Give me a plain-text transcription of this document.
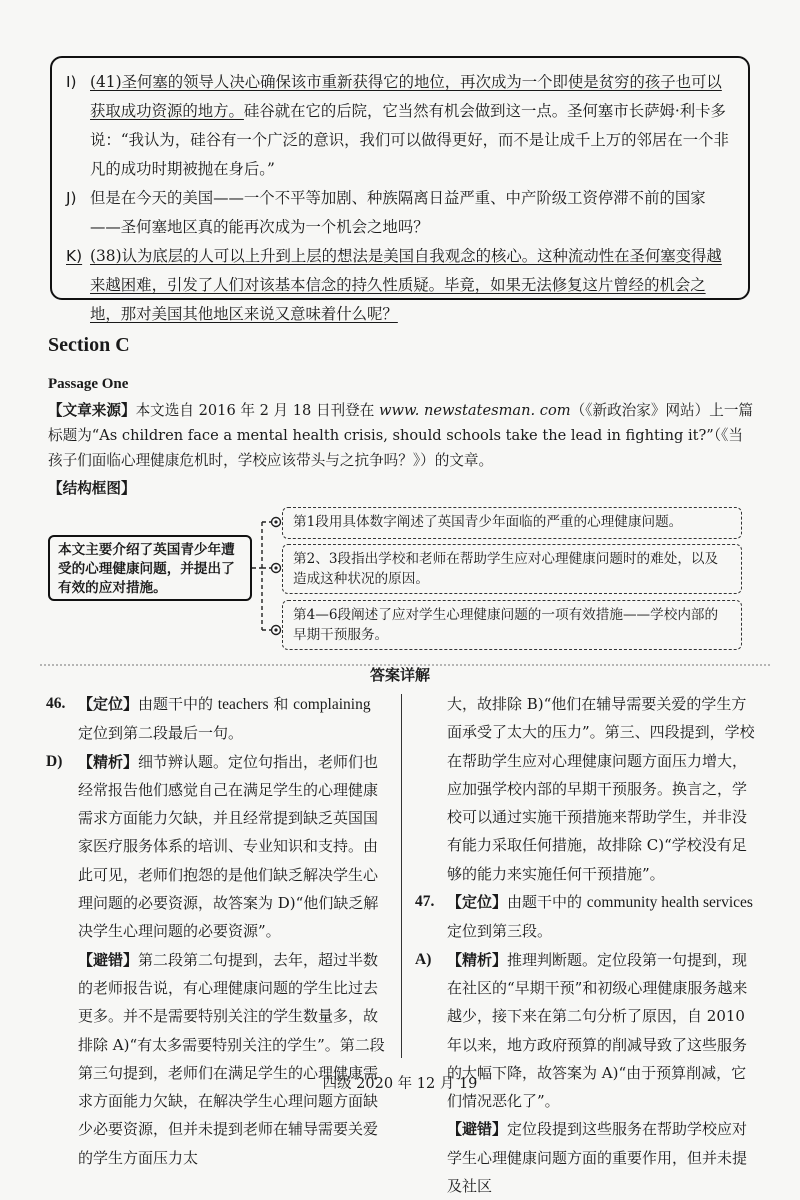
I) (41)圣何塞的领导人决心确保该市重新获得它的地位，再次成为一个即使是贫穷的孩子也可以获取成功资源的地方。硅谷就在它的后院，它当然有机会做到这一点。圣何塞市长萨姆·利卡多说：“我认为，硅谷有一个广泛的意识，我们可以做得更好，而不是让成千上万的邻居在一个非凡的成功时期被抛在身后。”
J) 但是在今天的美国——一个不平等加剧、种族隔离日益严重、中产阶级工资停滞不前的国家——圣何塞地区真的能再次成为一个机会之地吗？
K) (38)认为底层的人可以上升到上层的想法是美国自我观念的核心。这种流动性在圣何塞变得越来越困难，引发了人们对该基本信念的持久性质疑。毕竟，如果无法修复这片曾经的机会之地，那对美国其他地区来说又意味着什么呢？
Section C
Passage One
【文章来源】本文选自 2016 年 2 月 18 日刊登在 www. newstatesman. com（《新政治家》网站）上一篇标题为“As children face a mental health crisis, should schools take the lead in fighting it?”（《当孩子们面临心理健康危机时，学校应该带头与之抗争吗？》）的文章。
【结构框图】
本文主要介绍了英国青少年遭受的心理健康问题，并提出了有效的应对措施。
第1段用具体数字阐述了英国青少年面临的严重的心理健康问题。
第2、3段指出学校和老师在帮助学生应对心理健康问题时的难处，以及造成这种状况的原因。
第4—6段阐述了应对学生心理健康问题的一项有效措施——学校内部的早期干预服务。
答案详解
46. 【定位】由题干中的 teachers 和 complaining 定位到第二段最后一句。
D)	【精析】细节辨认题。定位句指出，老师们也经常报告他们感觉自己在满足学生的心理健康需求方面能力欠缺，并且经常提到缺乏英国国家医疗服务体系的培训、专业知识和支持。由此可见，老师们抱怨的是他们缺乏解决学生心理问题的必要资源，故答案为 D)“他们缺乏解决学生心理问题的必要资源”。
【避错】第二段第二句提到，去年，超过半数的老师报告说，有心理健康问题的学生比过去更多。并不是需要特别关注的学生数量多，故排除 A)“有太多需要特别关注的学生”。第二段第三句提到，老师们在满足学生的心理健康需求方面能力欠缺，在解决学生心理问题方面缺少必要资源，但并未提到老师在辅导需要关爱的学生方面压力太
大，故排除 B)“他们在辅导需要关爱的学生方面承受了太大的压力”。第三、四段提到，学校在帮助学生应对心理健康问题方面压力增大，应加强学校内部的早期干预服务。换言之，学校可以通过实施干预措施来帮助学生，并非没有能力采取任何措施，故排除 C)“学校没有足够的能力来实施任何干预措施”。
47. 【定位】由题干中的 community health services 定位到第三段。
A)	【精析】推理判断题。定位段第一句提到，现在社区的“早期干预”和初级心理健康服务越来越少，接下来在第二句分析了原因，自 2010 年以来，地方政府预算的削减导致了这些服务的大幅下降，故答案为 A)“由于预算削减，它们情况恶化了”。
【避错】定位段提到这些服务在帮助学校应对学生心理健康问题方面的重要作用，但并未提及社区
四级 2020 年 12 月 19
